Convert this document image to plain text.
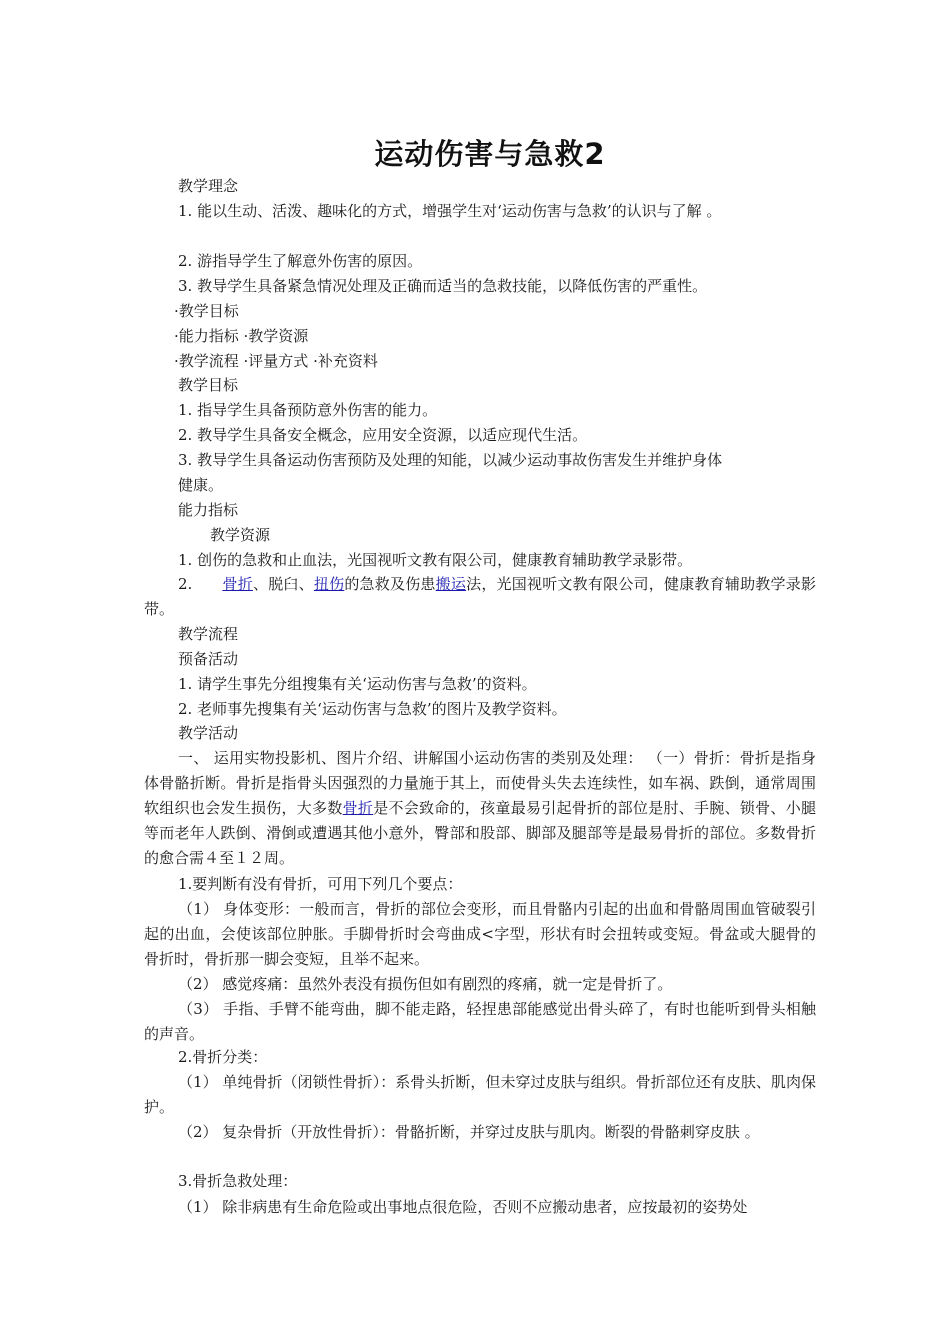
运动伤害与急救2
教学理念
1. 能以生动、活泼、趣味化的方式，增强学生对‘运动伤害与急救’的认识与了解 。
2. 游指导学生了解意外伤害的原因。
3. 教导学生具备紧急情况处理及正确而适当的急救技能，以降低伤害的严重性。
·教学目标
·能力指标 ·教学资源
·教学流程 ·评量方式 ·补充资料
教学目标
1. 指导学生具备预防意外伤害的能力。
2. 教导学生具备安全概念，应用安全资源，以适应现代生活。
3. 教导学生具备运动伤害预防及处理的知能，以减少运动事故伤害发生并维护身体
健康。
能力指标
教学资源
1. 创伤的急救和止血法，光国视听文教有限公司，健康教育辅助教学录影带。

2. 骨折、脱臼、扭伤的急救及伤患搬运法，光国视听文教有限公司，健康教育辅助教学录影带。

教学流程
预备活动
1. 请学生事先分组搜集有关‘运动伤害与急救’的资料。
2. 老师事先搜集有关‘运动伤害与急救’的图片及教学资料。
教学活动

一、 运用实物投影机、图片介绍、讲解国小运动伤害的类别及处理： （一）骨折：骨折是指身体骨骼折断。骨折是指骨头因强烈的力量施于其上，而使骨头失去连续性，如车祸、跌倒，通常周围软组织也会发生损伤，大多数骨折是不会致命的，孩童最易引起骨折的部位是肘、手腕、锁骨、小腿等而老年人跌倒、滑倒或遭遇其他小意外，臀部和股部、脚部及腿部等是最易骨折的部位。多数骨折的愈合需４至１２周。

1.要判断有没有骨折，可用下列几个要点：

（1） 身体变形：一般而言，骨折的部位会变形，而且骨骼内引起的出血和骨骼周围血管破裂引起的出血，会使该部位肿胀。手脚骨折时会弯曲成<字型，形状有时会扭转或变短。骨盆或大腿骨的骨折时，骨折那一脚会变短，且举不起来。

（2） 感觉疼痛：虽然外表没有损伤但如有剧烈的疼痛，就一定是骨折了。

（3） 手指、手臂不能弯曲，脚不能走路，轻捏患部能感觉出骨头碎了，有时也能听到骨头相触的声音。

2.骨折分类：

（1） 单纯骨折（闭锁性骨折）：系骨头折断，但未穿过皮肤与组织。骨折部位还有皮肤、肌肉保护。

（2） 复杂骨折（开放性骨折）：骨骼折断，并穿过皮肤与肌肉。断裂的骨骼刺穿皮肤 。

3.骨折急救处理：

（1） 除非病患有生命危险或出事地点很危险，否则不应搬动患者，应按最初的姿势处
